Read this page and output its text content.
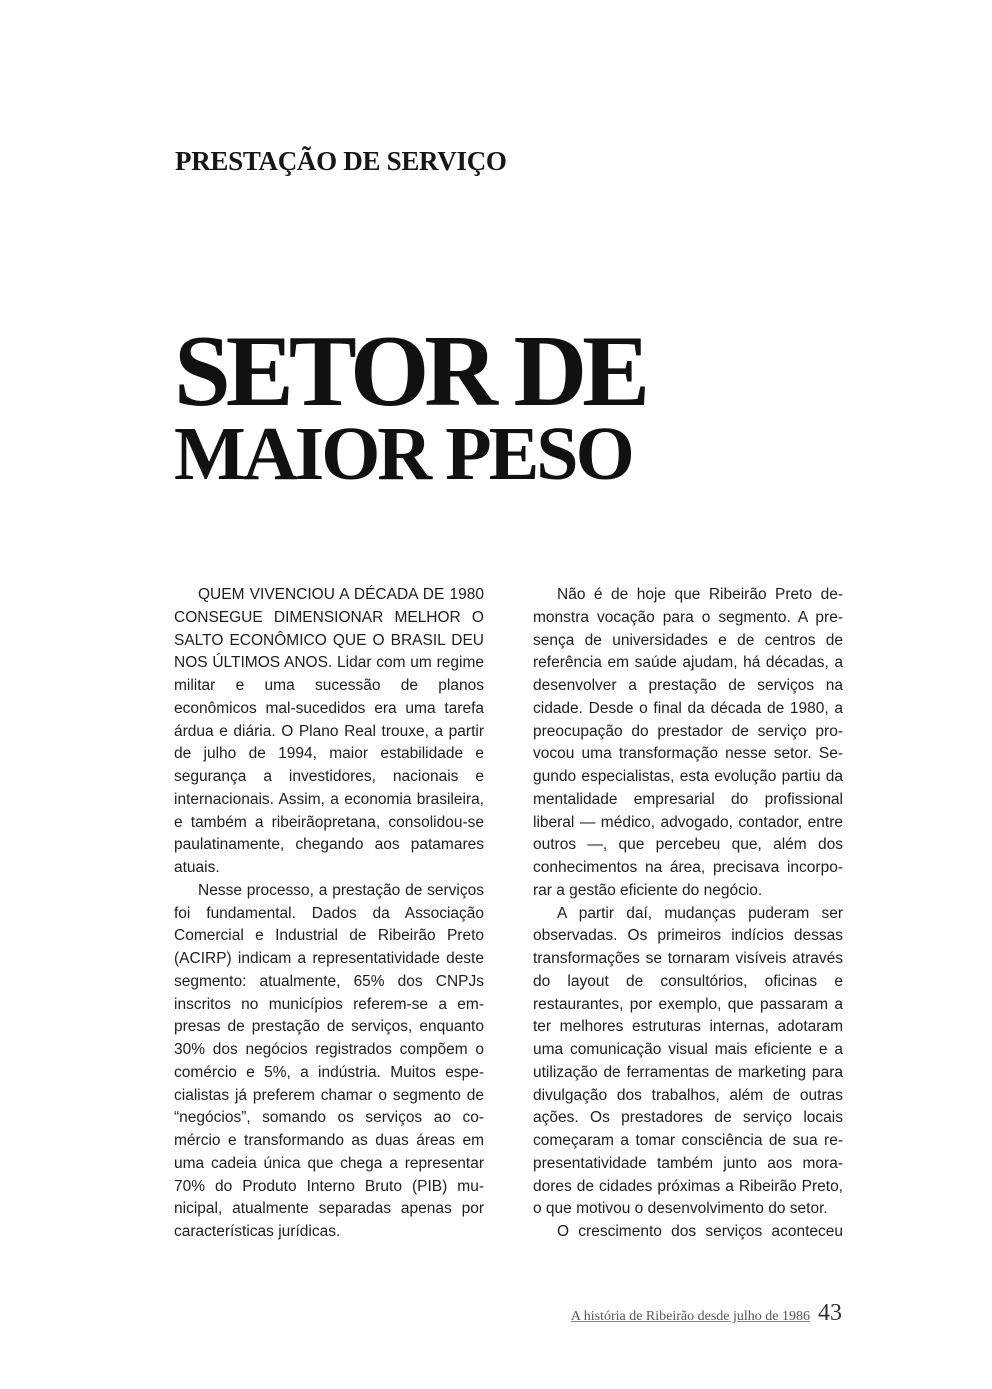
PRESTAÇÃO DE SERVIÇO
SETOR DE
MAIOR PESO

QUEM VIVENCIOU A DÉCADA DE 1980 CONSEGUE DIMENSIONAR MELHOR O SALTO ECONÔMICO QUE O BRASIL DEU NOS ÚLTIMOS ANOS. Lidar com um regime militar e uma sucessão de planos econômicos mal-sucedidos era uma tarefa árdua e diária. O Plano Real trouxe, a partir de julho de 1994, maior estabilidade e segurança a investidores, nacionais e internacionais. Assim, a economia brasileira, e também a ribeirãopretana, consolidou-se paulatinamente, chegando aos patamares atuais.

Nesse processo, a prestação de serviços foi fundamental. Dados da Associação Comercial e Industrial de Ribeirão Preto (ACIRP) indicam a representatividade deste segmento: atualmente, 65% dos CNPJs inscritos no municípios referem-se a empresas de prestação de serviços, enquanto 30% dos negócios registrados compõem o comércio e 5%, a indústria. Muitos especialistas já preferem chamar o segmento de “negócios”, somando os serviços ao comércio e transformando as duas áreas em uma cadeia única que chega a representar 70% do Produto Interno Bruto (PIB) municipal, atualmente separadas apenas por características jurídicas.

Não é de hoje que Ribeirão Preto demonstra vocação para o segmento. A presença de universidades e de centros de referência em saúde ajudam, há décadas, a desenvolver a prestação de serviços na cidade. Desde o final da década de 1980, a preocupação do prestador de serviço provocou uma transformação nesse setor. Segundo especialistas, esta evolução partiu da mentalidade empresarial do profissional liberal — médico, advogado, contador, entre outros —, que percebeu que, além dos conhecimentos na área, precisava incorporar a gestão eficiente do negócio.

A partir daí, mudanças puderam ser observadas. Os primeiros indícios dessas transformações se tornaram visíveis através do layout de consultórios, oficinas e restaurantes, por exemplo, que passaram a ter melhores estruturas internas, adotaram uma comunicação visual mais eficiente e a utilização de ferramentas de marketing para divulgação dos trabalhos, além de outras ações. Os prestadores de serviço locais começaram a tomar consciência de sua representatividade também junto aos moradores de cidades próximas a Ribeirão Preto, o que motivou o desenvolvimento do setor.

O crescimento dos serviços aconteceu

A história de Ribeirão desde julho de 1986 43
